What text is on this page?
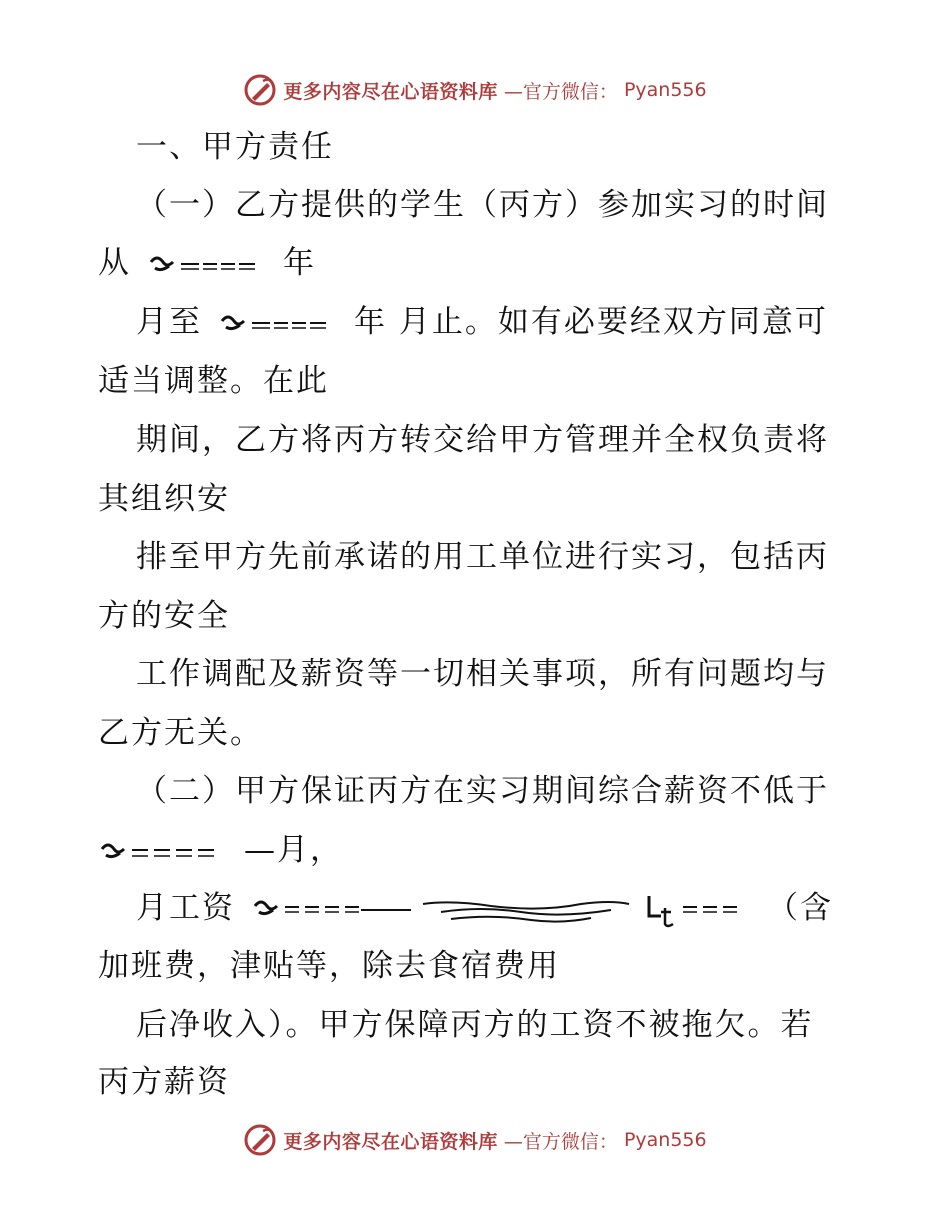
更多内容尽在心语资料库 —官方微信： Pyan556
一、甲方责任
（一）乙方提供的学生（丙方）参加实习的时间
从	年
月至	年 月止。如有必要经双方同意可
适当调整。在此
期间，乙方将丙方转交给甲方管理并全权负责将
其组织安
排至甲方先前承诺的用工单位进行实习，包括丙
方的安全
工作调配及薪资等一切相关事项，所有问题均与
乙方无关。
（二）甲方保证丙方在实习期间综合薪资不低于
—月，
月工资	（含
加班费，津贴等，除去食宿费用
后净收入）。甲方保障丙方的工资不被拖欠。若
丙方薪资
更多内容尽在心语资料库 —官方微信： Pyan556
